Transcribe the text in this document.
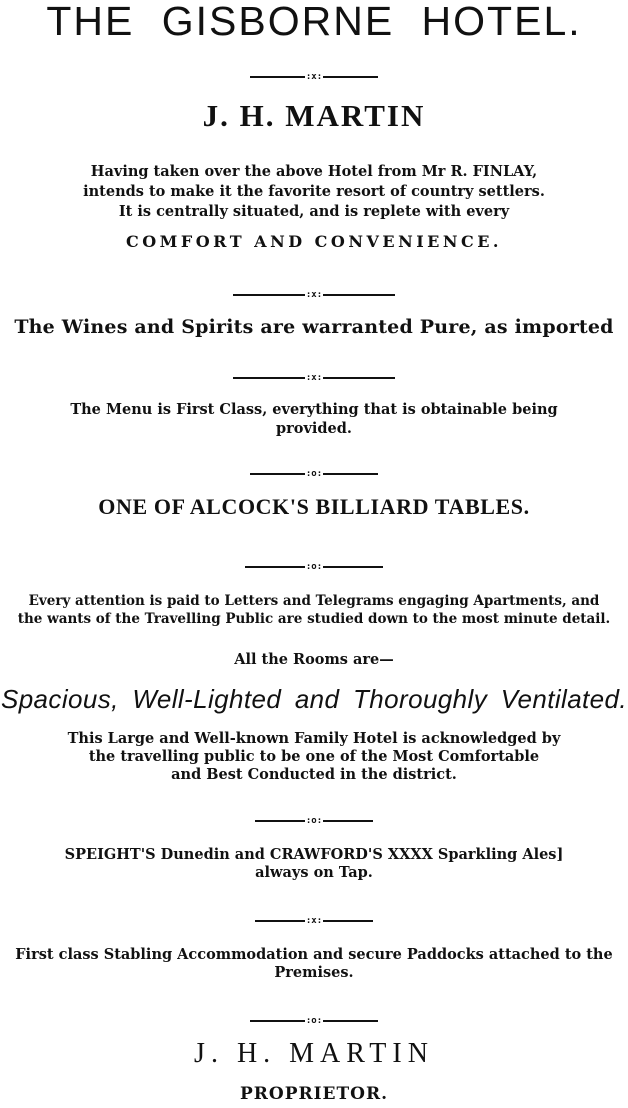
THE GISBORNE HOTEL.
:x:
J. H. MARTIN
Having taken over the above Hotel from Mr R. FINLAY,
intends to make it the favorite resort of country settlers.
It is centrally situated, and is replete with every
COMFORT AND CONVENIENCE.
:x:
The Wines and Spirits are warranted Pure, as imported
:x:
The Menu is First Class, everything that is obtainable being
provided.
:o:
ONE OF ALCOCK'S BILLIARD TABLES.
:o:
Every attention is paid to Letters and Telegrams engaging Apartments, and
the wants of the Travelling Public are studied down to the most minute detail.
All the Rooms are—
Spacious, Well-Lighted and Thoroughly Ventilated.
This Large and Well-known Family Hotel is acknowledged by
the travelling public to be one of the Most Comfortable
and Best Conducted in the district.
:o:
SPEIGHT'S Dunedin and CRAWFORD'S XXXX Sparkling Ales]
always on Tap.
:x:
First class Stabling Accommodation and secure Paddocks attached to the
Premises.
:o:
J. H. MARTIN
PROPRIETOR.
